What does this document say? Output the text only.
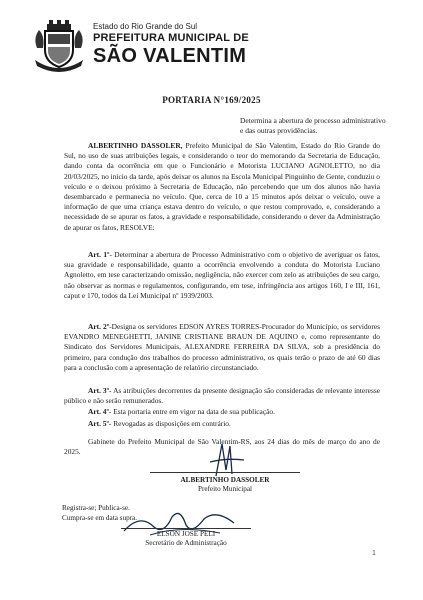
Estado do Rio Grande do Sul
PREFEITURA MUNICIPAL DE
SÃO VALENTIM
PORTARIA N°169/2025
Determina a abertura de processo administrativo e das outras providências.
ALBERTINHO DASSOLER, Prefeito Municipal de São Valentim, Estado do Rio Grande do Sul, no uso de suas atribuições legais, e considerando o teor do memorando da Secretaria de Educação, dando conta da ocorrência em que o Funcionário e Motorista LUCIANO AGNOLETTO, no dia 20/03/2025, no início da tarde, após deixar os alunos na Escola Municipal Pinguinho de Gente, conduziu o veículo e o deixou próximo à Secretaria de Educação, não percebendo que um dos alunos não havia desembarcado e permanecia no veículo. Que, cerca de 10 a 15 minutos após deixar o veículo, ouve a informação de que uma criança estava dentro do veículo, o que restou comprovado, e, considerando a necessidade de se apurar os fatos, a gravidade e responsabilidade, considerando o dever da Administração de apurar os fatos, RESOLVE:
Art. 1º- Determinar a abertura de Processo Administrativo com o objetivo de averiguar os fatos, sua gravidade e responsabilidade, quanto a ocorrência envolvendo a conduta do Motorista Luciano Agnoletto, em tese caracterizando omissão, negligência, não exercer com zelo as atribuições de seu cargo, não observar as normas e regulamentos, configurando, em tese, infringência aos artigos 160, I e III, 161, caput e 170, todos da Lei Municipal nº 1939/2003.
Art. 2º-Designa os servidores EDSON AYRES TORRES-Procurador do Município, os servidores EVANDRO MENEGHETTI, JANINE CRISTIANE BRAUN DE AQUINO e, como representante do Sindicato dos Servidores Municipais, ALEXANDRE FERREIRA DA SILVA, sob a presidência do primeiro, para condução dos trabalhos do processo administrativo, os quais terão o prazo de até 60 dias para a conclusão com a apresentação de relatório circunstanciado.
Art. 3º- As atribuições decorrentes da presente designação são consideradas de relevante interesse público e não serão remunerados.
Art. 4º- Esta portaria entre em vigor na data de sua publicação.
Art. 5º- Revogadas as disposições em contrário.
Gabinete do Prefeito Municipal de São Valentim-RS, aos 24 dias do mês de março do ano de 2025.
ALBERTINHO DASSOLER
Prefeito Municipal
Registra-se; Publica-se.
Cumpra-se em data supra.
ELSON JOSÉ PELI
Secretário de Administração
1
